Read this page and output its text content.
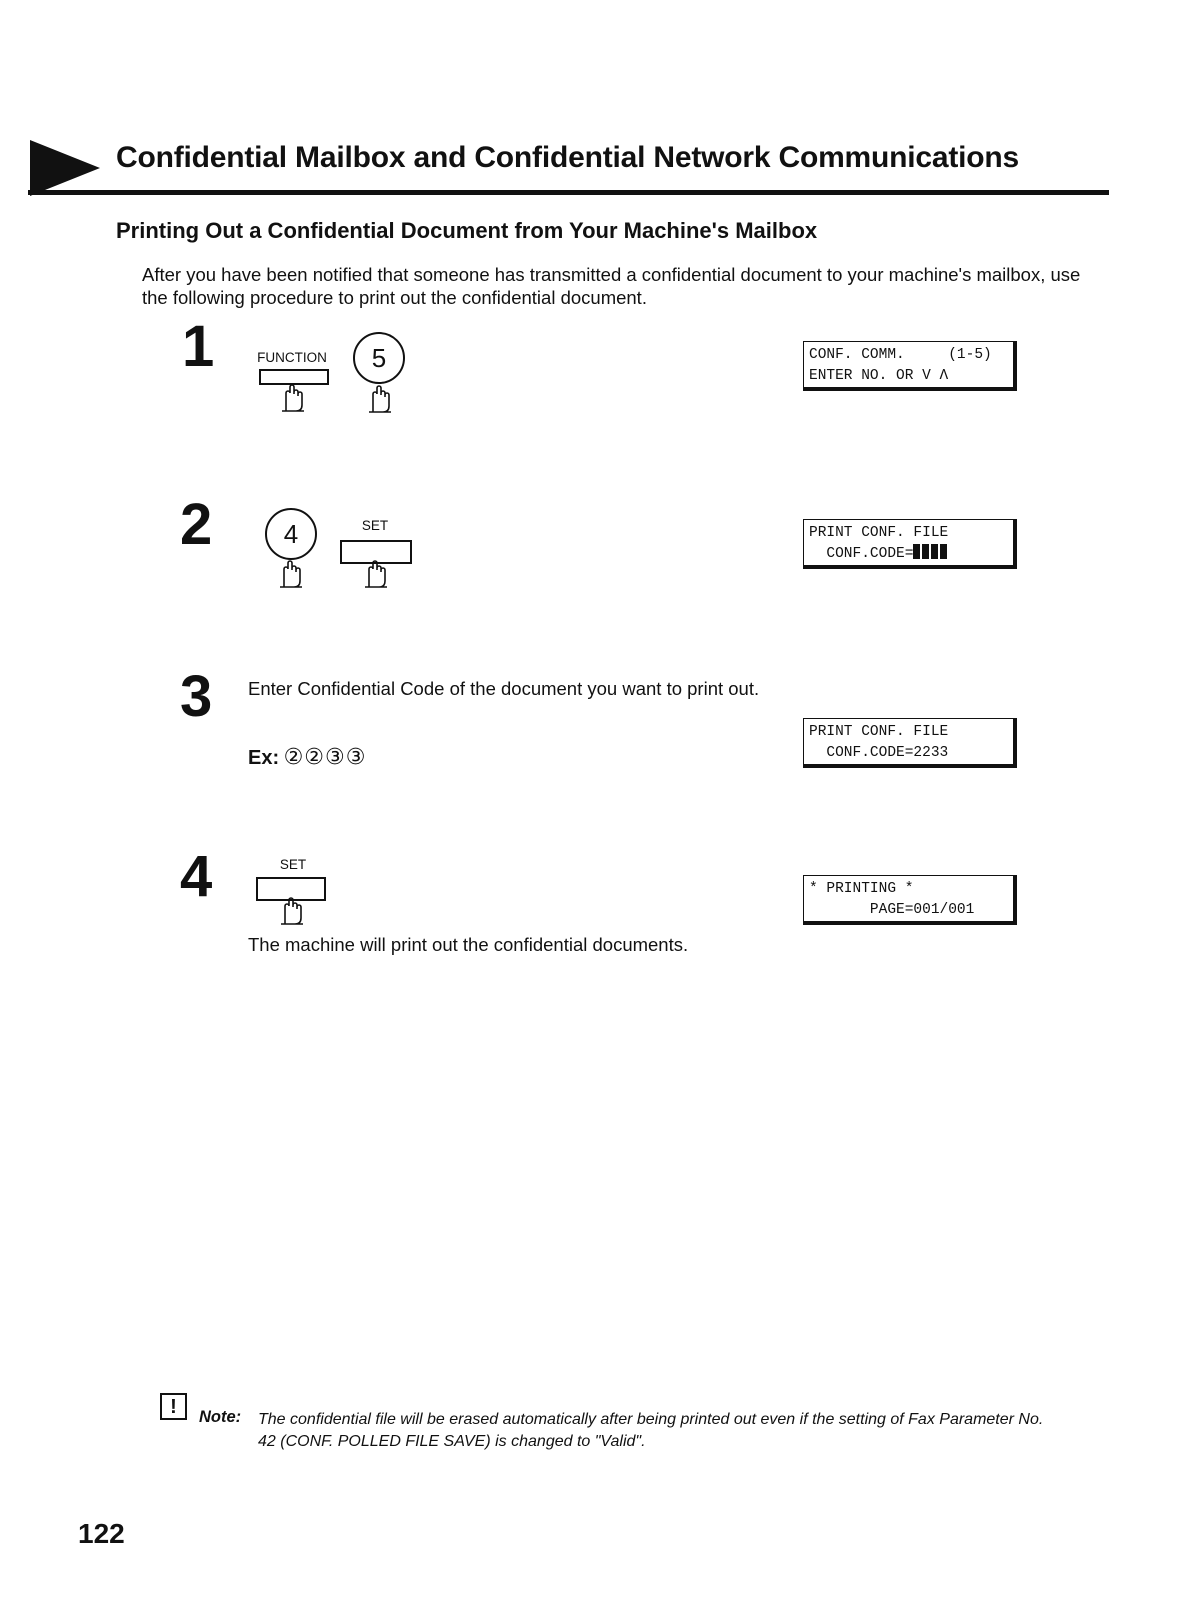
Confidential Mailbox and Confidential Network Communications
Printing Out a Confidential Document from Your Machine's Mailbox
After you have been notified that someone has transmitted a confidential document to your machine's mailbox, use the following procedure to print out the confidential document.
1	FUNCTION	5	CONF. COMM.     (1-5)
ENTER NO. OR V Λ
2	4	SET	PRINT CONF. FILE
CONF.CODE=
3 Enter Confidential Code of the document you want to print out.
Ex: ②②③③
PRINT CONF. FILE
CONF.CODE=2233
4	SET
The machine will print out the confidential documents.
* PRINTING *
PAGE=001/001
!	Note: The confidential file will be erased automatically after being printed out even if the setting of Fax Parameter No. 42 (CONF. POLLED FILE SAVE) is changed to "Valid".
122
